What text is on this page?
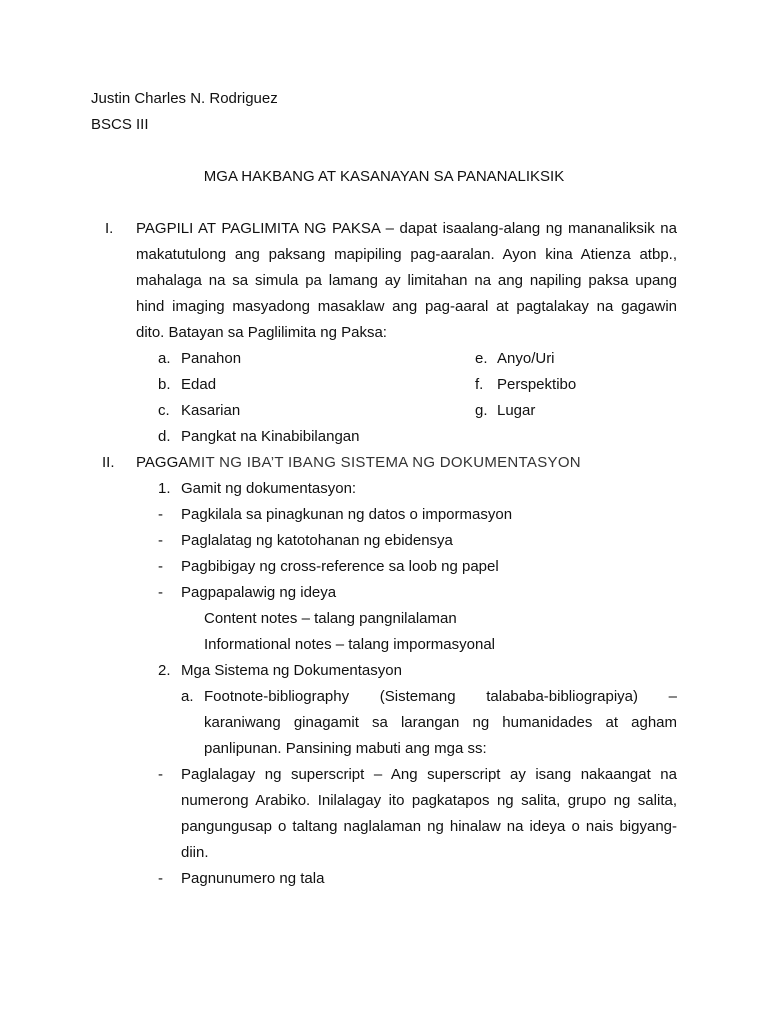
Justin Charles N. Rodriguez
BSCS III
MGA HAKBANG AT KASANAYAN SA PANANALIKSIK
I. PAGPILI AT PAGLIMITA NG PAKSA – dapat isaalang-alang ng mananaliksik na
makatutulong ang paksang mapipiling pag-aaralan. Ayon kina Atienza atbp.,
mahalaga na sa simula pa lamang ay limitahan na ang napiling paksa upang
hind imaging masyadong masaklaw ang pag-aaral at pagtalakay na gagawin
dito. Batayan sa Paglilimita ng Paksa:
a. Panahon
b. Edad
c. Kasarian
d. Pangkat na Kinabibilangan
e. Anyo/Uri
f. Perspektibo
g. Lugar
II. PAGGAMIT NG IBA’T IBANG SISTEMA NG DOKUMENTASYON
1. Gamit ng dokumentasyon:
- Pagkilala sa pinagkunan ng datos o impormasyon
- Paglalatag ng katotohanan ng ebidensya
- Pagbibigay ng cross-reference sa loob ng papel
- Pagpapalawig ng ideya
Content notes – talang pangnilalaman
Informational notes – talang impormasyonal
2. Mga Sistema ng Dokumentasyon
a. Footnote-bibliography (Sistemang talababa-bibliograpiya) –
karaniwang ginagamit sa larangan ng humanidades at agham
panlipunan. Pansining mabuti ang mga ss:
- Paglalagay ng superscript – Ang superscript ay isang nakaangat na
numerong Arabiko. Inilalagay ito pagkatapos ng salita, grupo ng salita,
pangungusap o taltang naglalaman ng hinalaw na ideya o nais bigyang-
diin.
- Pagnunumero ng tala
